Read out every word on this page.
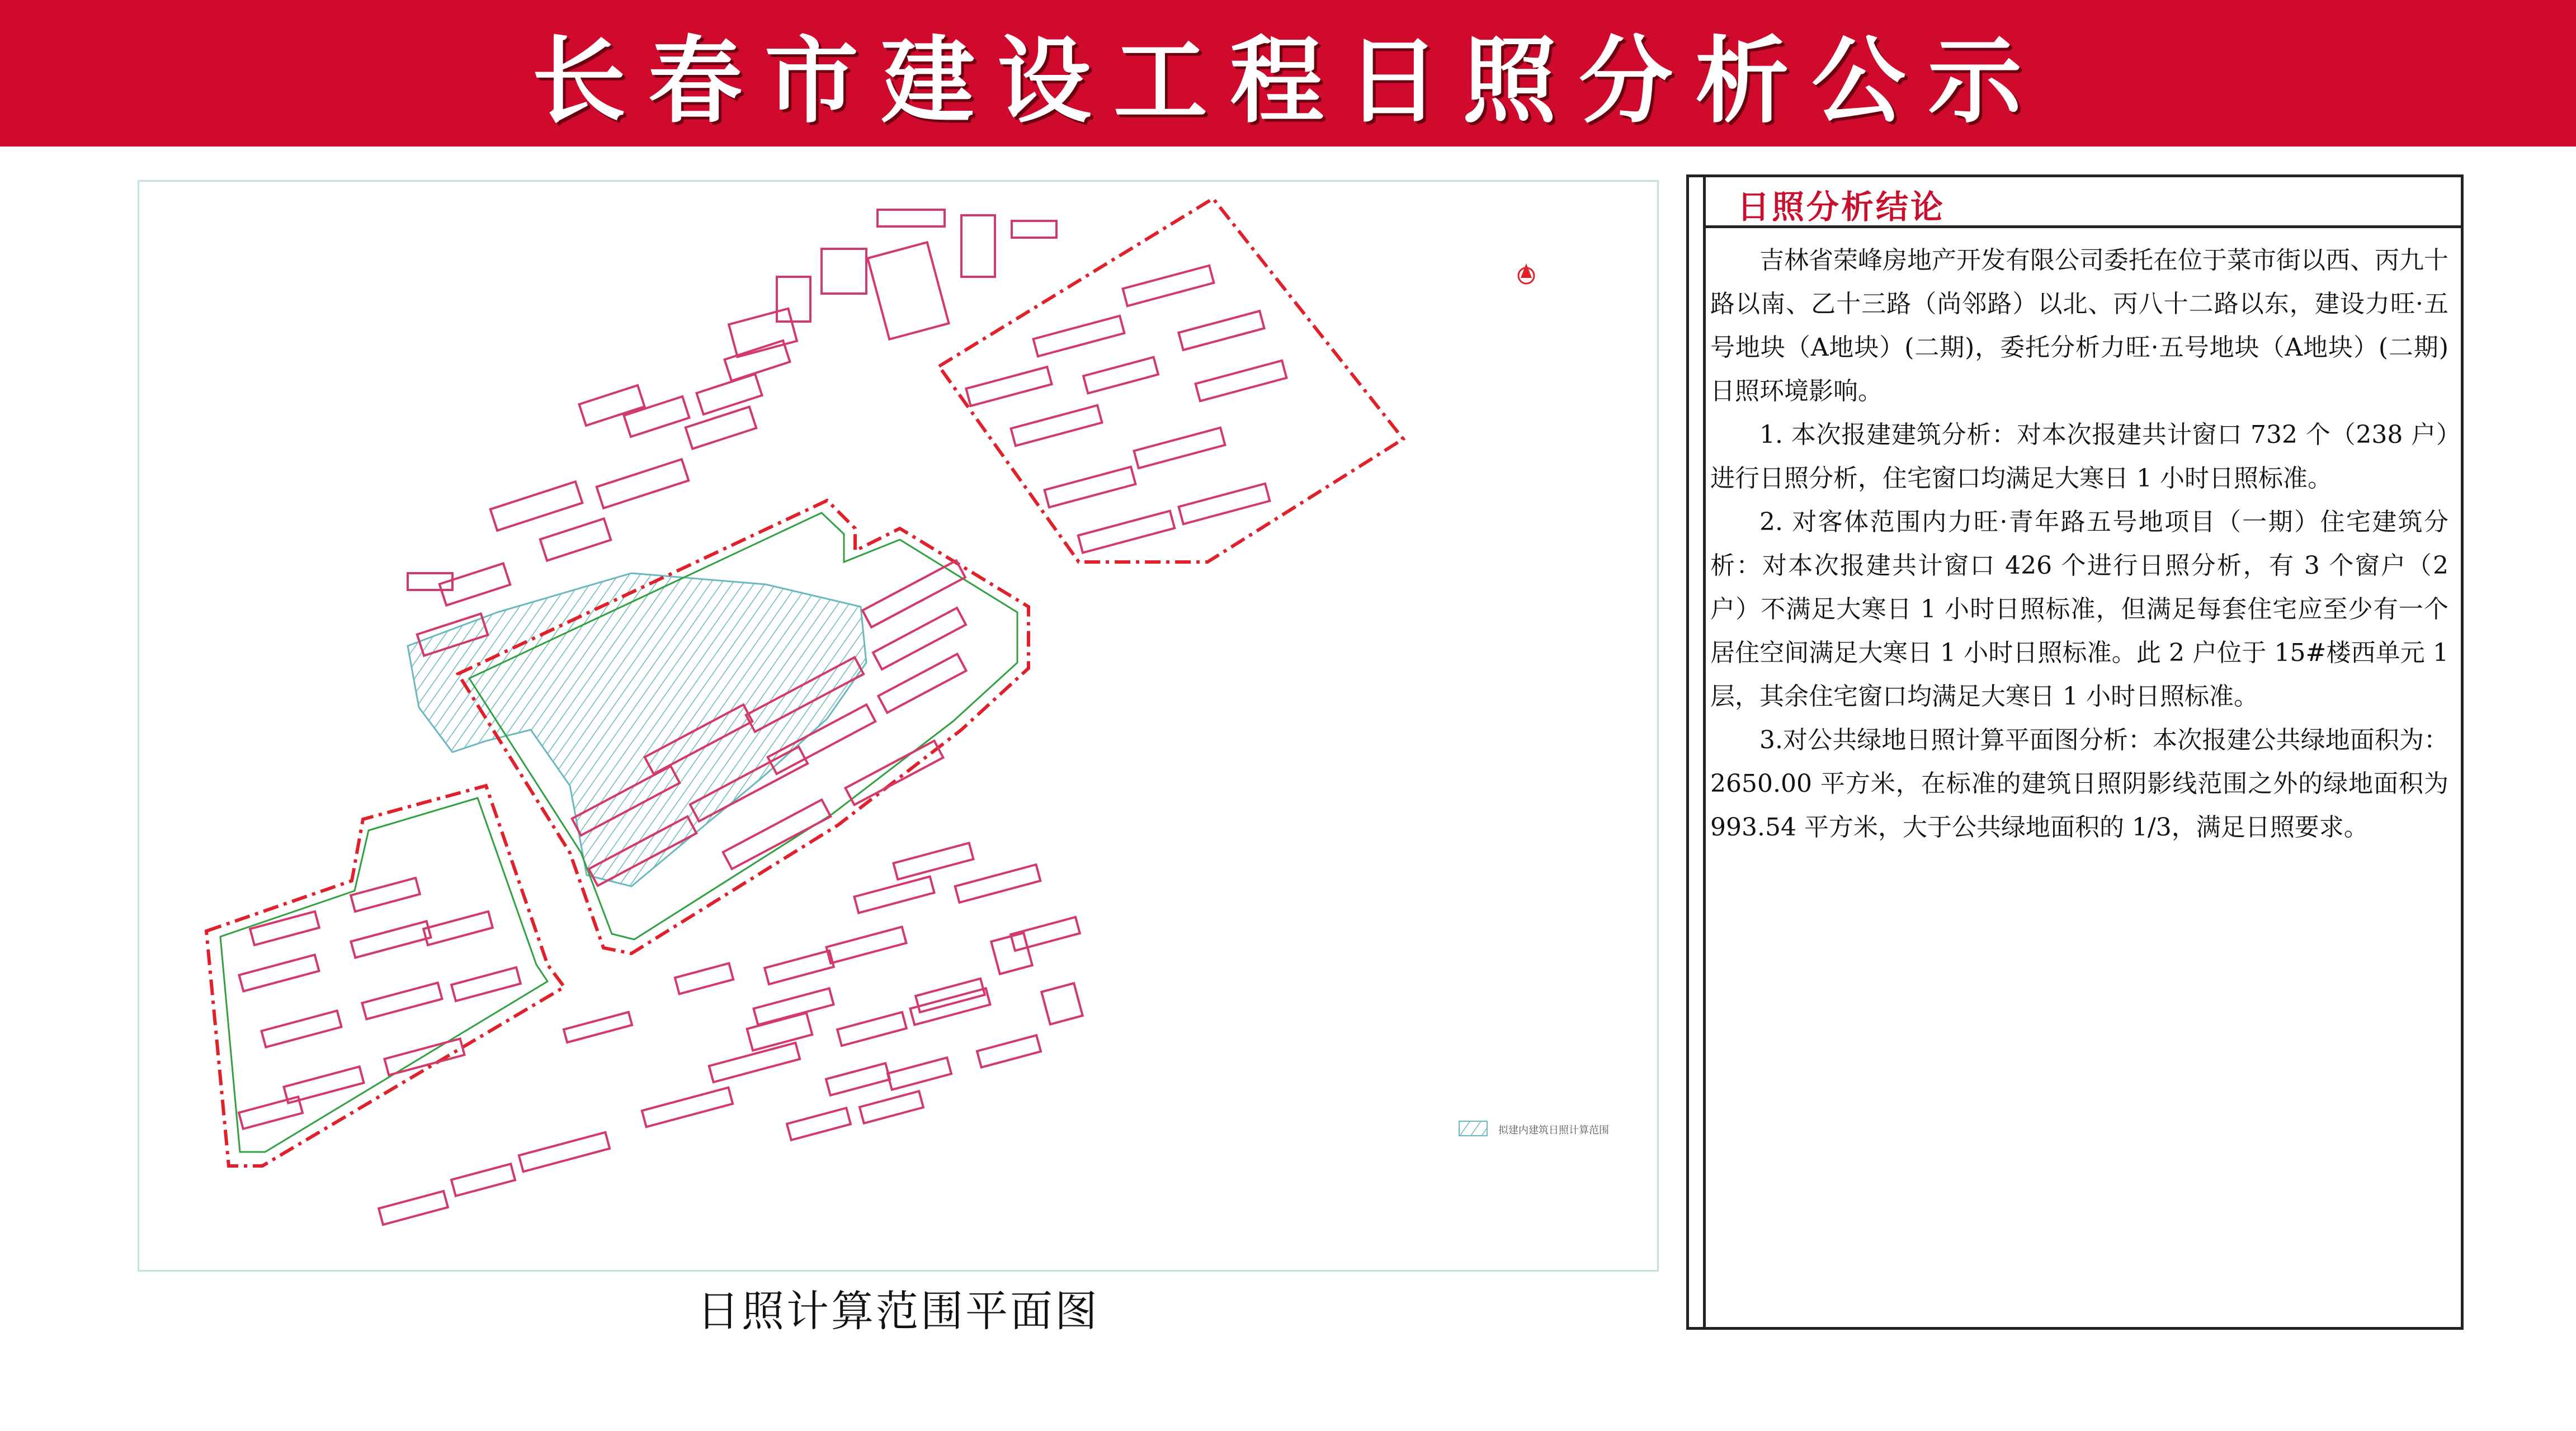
长春市建设工程日照分析公示
拟建内建筑日照计算范围
日照计算范围平面图
日照分析结论

吉林省荣峰房地产开发有限公司委托在位于菜市街以西、丙九十路以南、乙十三路（尚邻路）以北、丙八十二路以东，建设力旺·五号地块（A地块）(二期)，委托分析力旺·五号地块（A地块）(二期)日照环境影响。

1. 本次报建建筑分析：对本次报建共计窗口 732 个（238 户）进行日照分析，住宅窗口均满足大寒日 1 小时日照标准。

2. 对客体范围内力旺·青年路五号地项目（一期）住宅建筑分析：对本次报建共计窗口 426 个进行日照分析，有 3 个窗户（2 户）不满足大寒日 1 小时日照标准，但满足每套住宅应至少有一个居住空间满足大寒日 1 小时日照标准。此 2 户位于 15#楼西单元 1 层，其余住宅窗口均满足大寒日 1 小时日照标准。

3.对公共绿地日照计算平面图分析：本次报建公共绿地面积为：2650.00 平方米，在标准的建筑日照阴影线范围之外的绿地面积为 993.54 平方米，大于公共绿地面积的 1/3，满足日照要求。
